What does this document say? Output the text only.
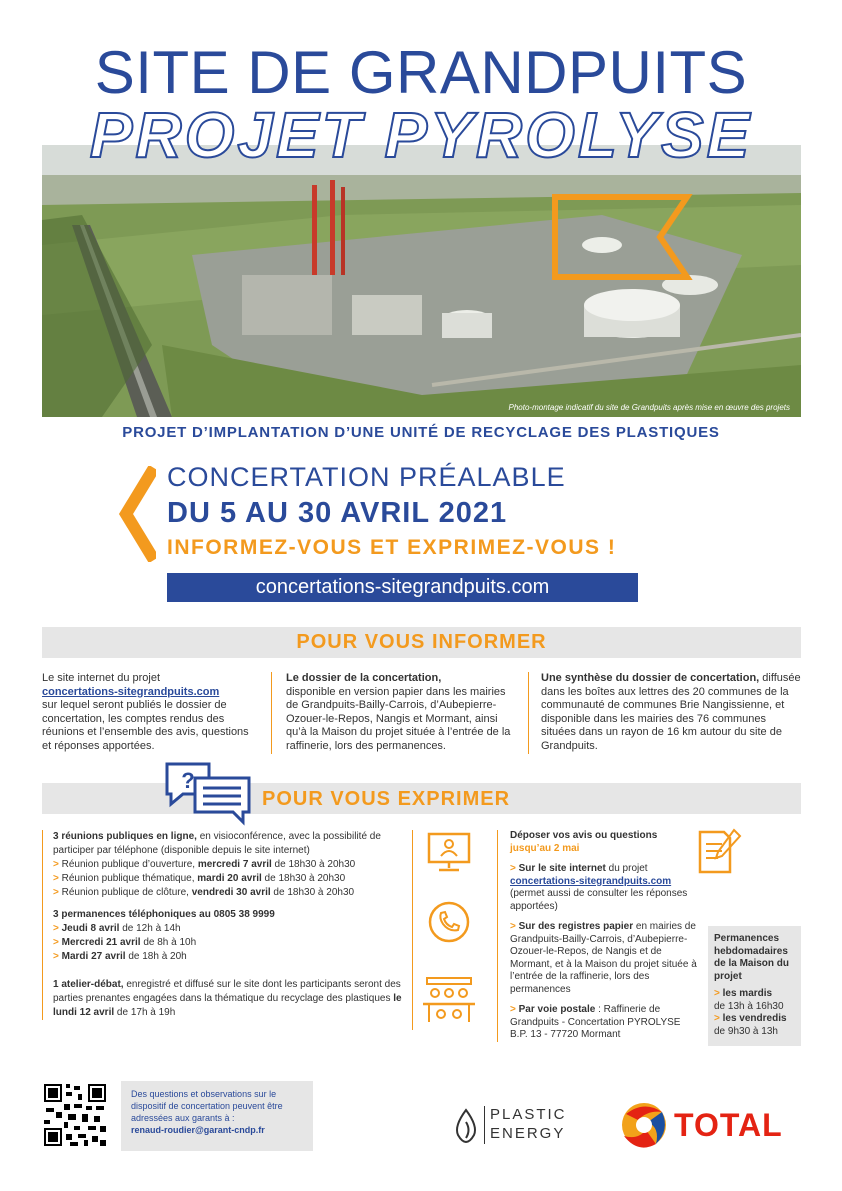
SITE DE GRANDPUITS
Photo-montage indicatif du site de Grandpuits après mise en œuvre des projets
PROJET PYROLYSE
PROJET D’IMPLANTATION D’UNE UNITÉ DE RECYCLAGE DES PLASTIQUES
CONCERTATION PRÉALABLE
DU 5 AU 30 AVRIL 2021
INFORMEZ-VOUS ET EXPRIMEZ-VOUS !
concertations-sitegrandpuits.com
POUR VOUS INFORMER
Le site internet du projet
concertations-sitegrandpuits.com
sur lequel seront publiés le dossier de concertation, les comptes rendus des réunions et l’ensemble des avis, questions et réponses apportées.
Le dossier de la concertation,
disponible en version papier dans les mairies de Grandpuits-Bailly-Carrois, d’Aubepierre-Ozouer-le-Repos, Nangis et Mormant, ainsi qu’à la Maison du projet située à l’entrée de la raffinerie, lors des permanences.
Une synthèse du dossier de concertation, diffusée dans les boîtes aux lettres des 20 communes de la communauté de communes Brie Nangissienne, et disponible dans les mairies des 76 communes situées dans un rayon de 16 km autour du site de Grandpuits.
?
POUR VOUS EXPRIMER
3 réunions publiques en ligne, en visioconférence, avec la possibilité de participer par téléphone (disponible depuis le site internet)
> Réunion publique d’ouverture, mercredi 7 avril de 18h30 à 20h30
> Réunion publique thématique, mardi 20 avril de 18h30 à 20h30
> Réunion publique de clôture, vendredi 30 avril de 18h30 à 20h30
3 permanences téléphoniques au 0805 38 9999
> Jeudi 8 avril de 12h à 14h
> Mercredi 21 avril de 8h à 10h
> Mardi 27 avril de 18h à 20h
1 atelier-débat, enregistré et diffusé sur le site dont les participants seront des parties prenantes engagées dans la thématique du recyclage des plastiques le lundi 12 avril de 17h à 19h
Déposer vos avis ou questions jusqu’au 2 mai
> Sur le site internet du projet
concertations-sitegrandpuits.com
(permet aussi de consulter les réponses apportées)
> Sur des registres papier en mairies de Grandpuits-Bailly-Carrois, d’Aubepierre-Ozouer-le-Repos, de Nangis et de Mormant, et à la Maison du projet située à l’entrée de la raffinerie, lors des permanences
> Par voie postale : Raffinerie de Grandpuits - Concertation PYROLYSE B.P. 13 - 77720 Mormant
Permanences hebdomadaires de la Maison du projet
> les mardis
de 13h à 16h30
> les vendredis
de 9h30 à 13h
Des questions et observations sur le dispositif de concertation peuvent être adressées aux garants à :
renaud-roudier@garant-cndp.fr
PLASTIC
ENERGY	TOTAL
